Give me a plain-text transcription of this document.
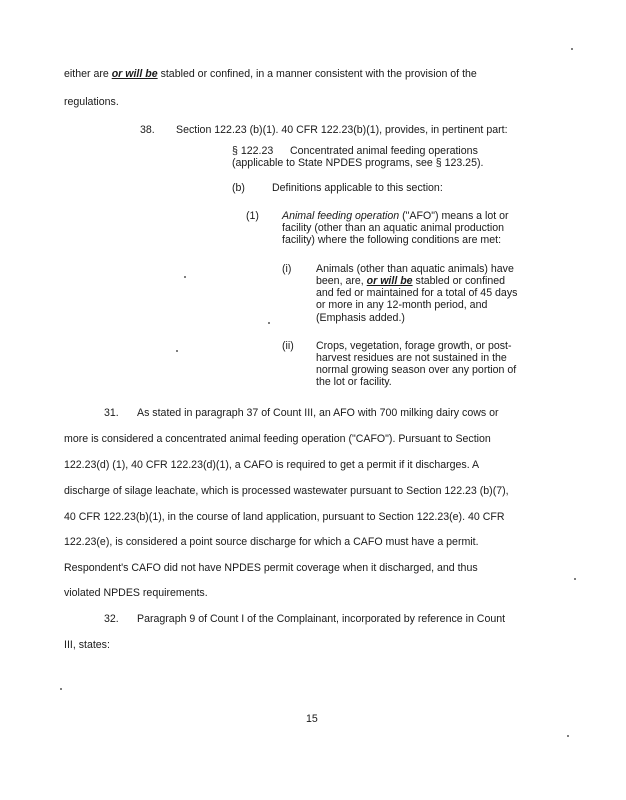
either are or will be stabled or confined, in a manner consistent with the provision of the
regulations.
38. Section 122.23 (b)(1). 40 CFR 122.23(b)(1), provides, in pertinent part:
§ 122.23 Concentrated animal feeding operations
(applicable to State NPDES programs, see § 123.25).
(b)	Definitions applicable to this section:
(1) Animal feeding operation ("AFO") means a lot or
facility (other than an aquatic animal production
facility) where the following conditions are met:
(i) Animals (other than aquatic animals) have
been, are, or will be stabled or confined
and fed or maintained for a total of 45 days
or more in any 12-month period, and
(Emphasis added.)
(ii) Crops, vegetation, forage growth, or post-
harvest residues are not sustained in the
normal growing season over any portion of
the lot or facility.
31. As stated in paragraph 37 of Count III, an AFO with 700 milking dairy cows or
more is considered a concentrated animal feeding operation ("CAFO"). Pursuant to Section
122.23(d) (1), 40 CFR 122.23(d)(1), a CAFO is required to get a permit if it discharges. A
discharge of silage leachate, which is processed wastewater pursuant to Section 122.23 (b)(7),
40 CFR 122.23(b)(1), in the course of land application, pursuant to Section 122.23(e). 40 CFR
122.23(e), is considered a point source discharge for which a CAFO must have a permit.
Respondent's CAFO did not have NPDES permit coverage when it discharged, and thus
violated NPDES requirements.
32. Paragraph 9 of Count I of the Complainant, incorporated by reference in Count
III, states:
15
